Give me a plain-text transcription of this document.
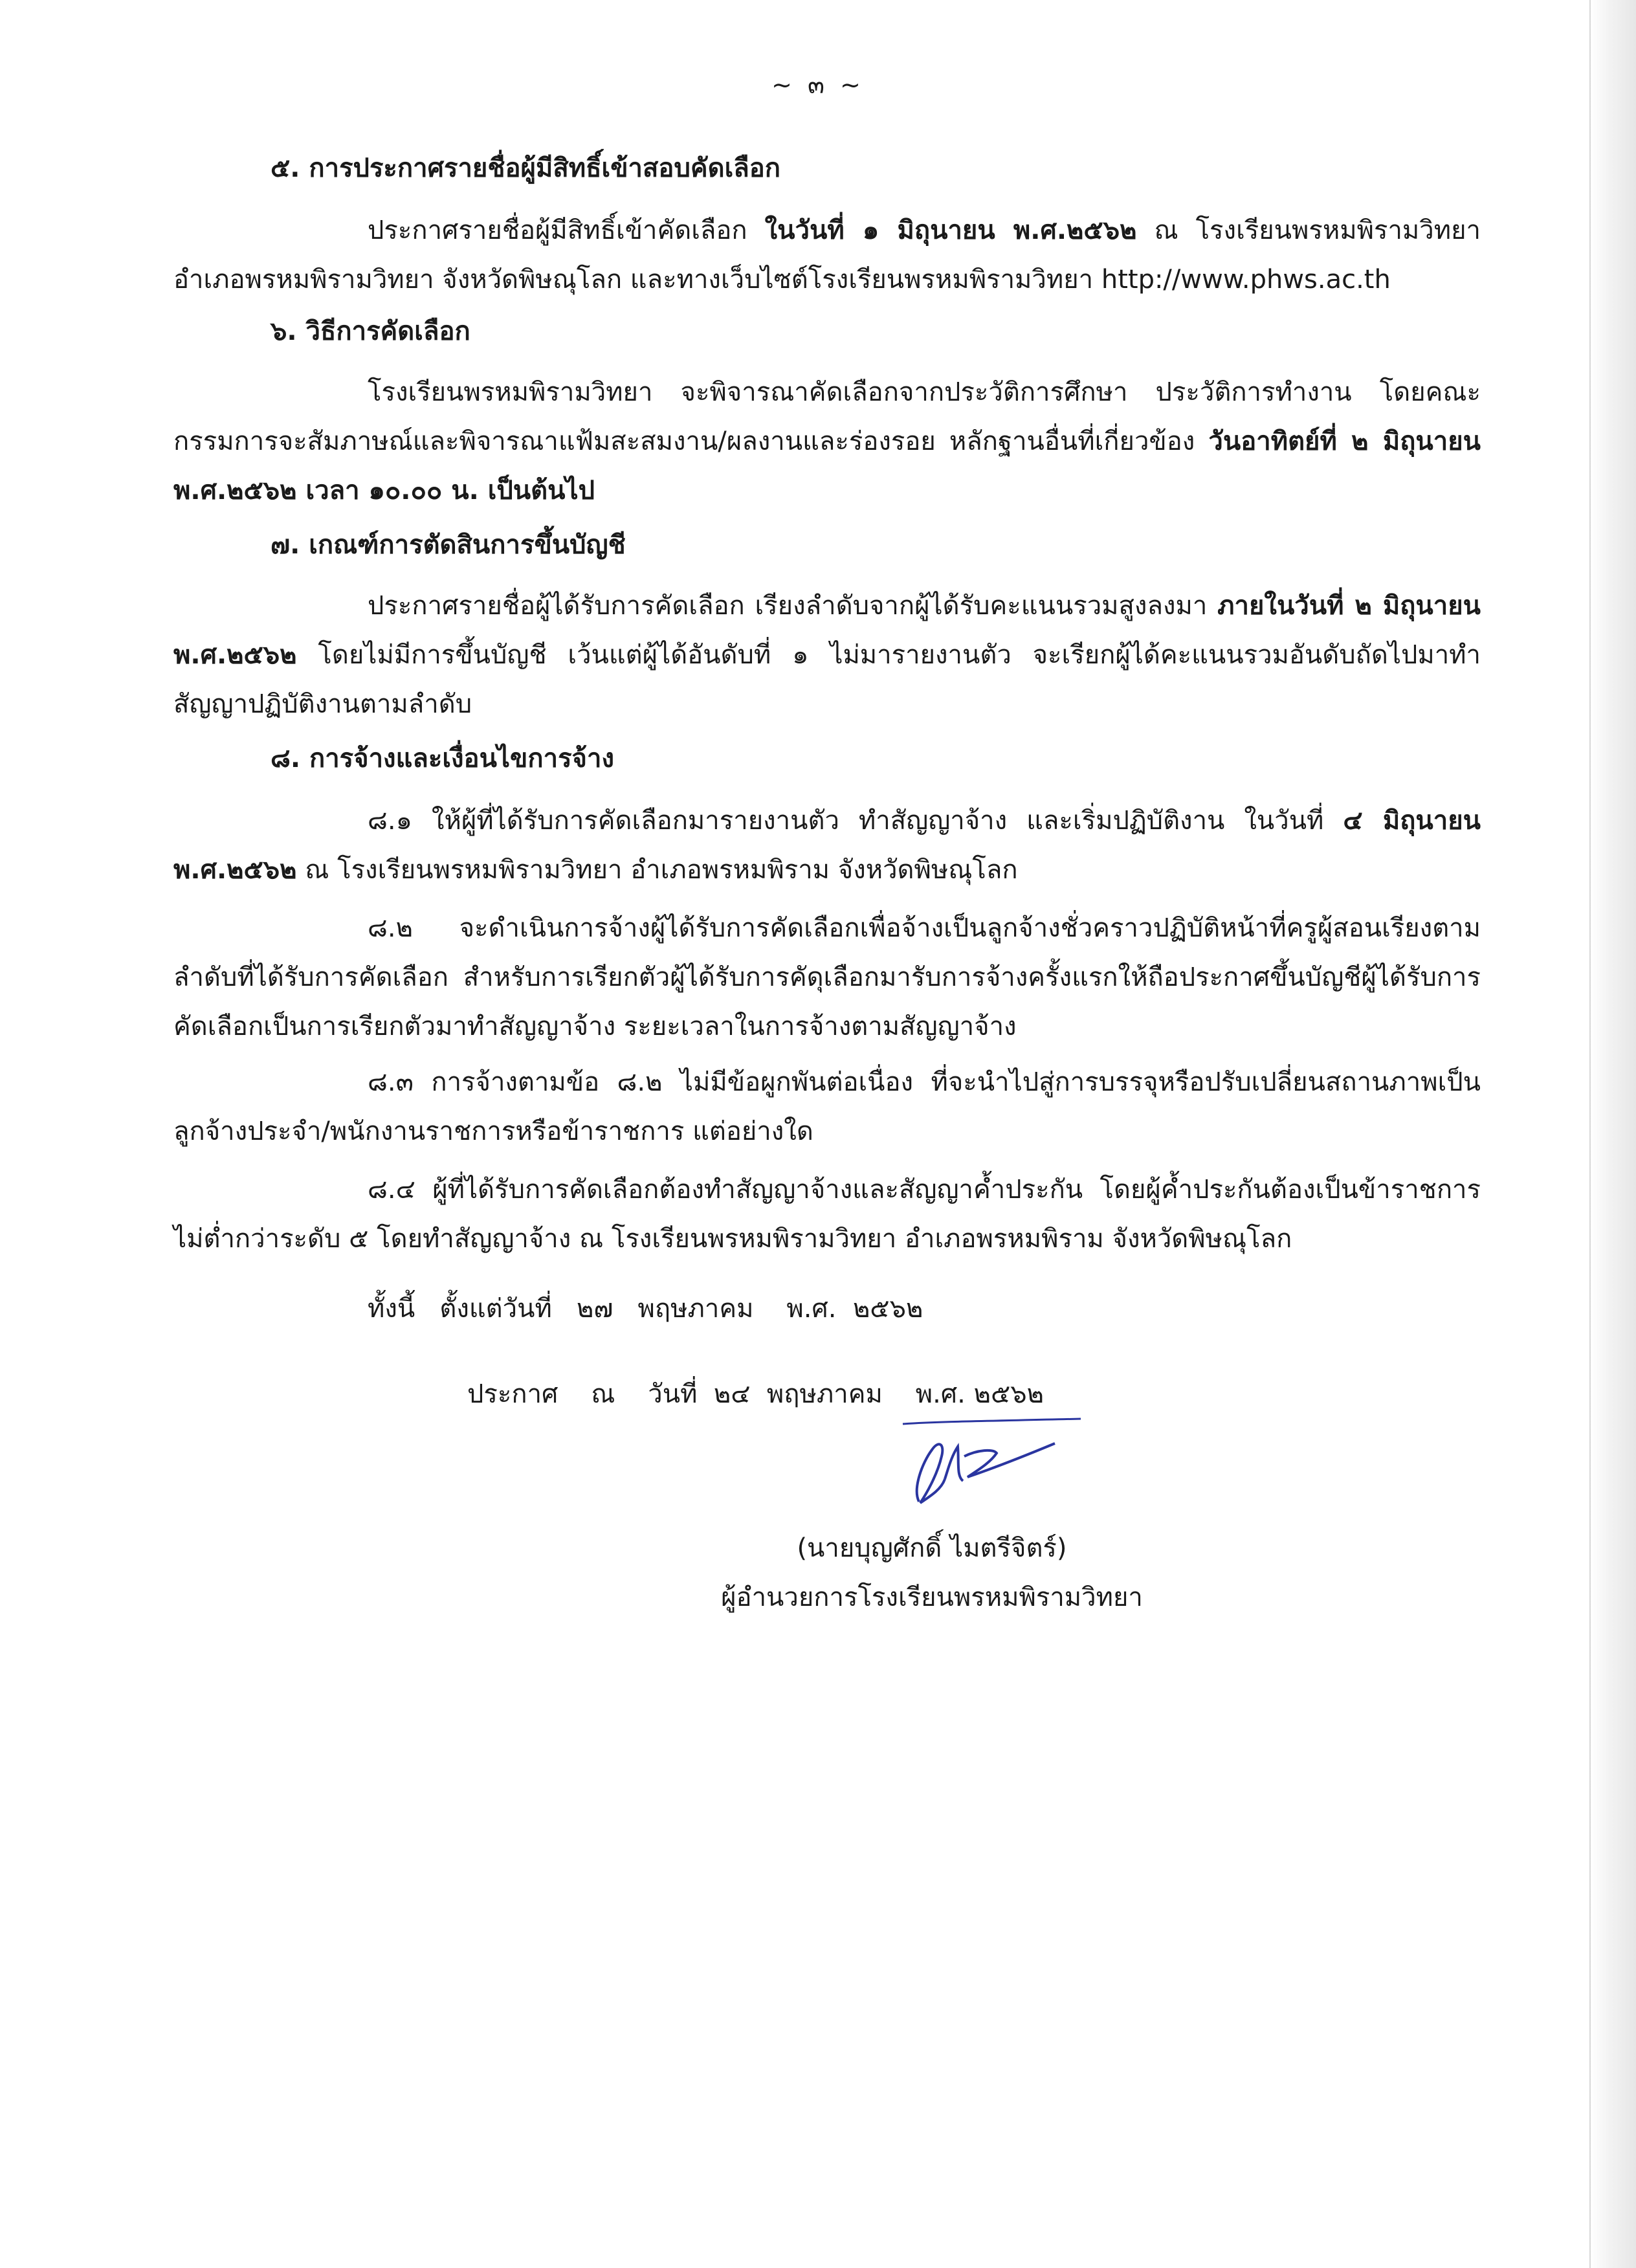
~ ๓ ~
๕. การประกาศรายชื่อผู้มีสิทธิ์เข้าสอบคัดเลือก

ประกาศรายชื่อผู้มีสิทธิ์เข้าคัดเลือก ในวันที่ ๑ มิถุนายน พ.ศ.๒๕๖๒ ณ โรงเรียนพรหมพิรามวิทยา อำเภอพรหมพิรามวิทยา จังหวัดพิษณุโลก และทางเว็บไซต์โรงเรียนพรหมพิรามวิทยา http://www.phws.ac.th

๖. วิธีการคัดเลือก

โรงเรียนพรหมพิรามวิทยา จะพิจารณาคัดเลือกจากประวัติการศึกษา ประวัติการทำงาน โดยคณะกรรมการจะสัมภาษณ์และพิจารณาแฟ้มสะสมงาน/ผลงานและร่องรอย หลักฐานอื่นที่เกี่ยวข้อง วันอาทิตย์ที่ ๒ มิถุนายน พ.ศ.๒๕๖๒ เวลา ๑๐.๐๐ น. เป็นต้นไป

๗. เกณฑ์การตัดสินการขึ้นบัญชี

ประกาศรายชื่อผู้ได้รับการคัดเลือก เรียงลำดับจากผู้ได้รับคะแนนรวมสูงลงมา ภายในวันที่ ๒ มิถุนายน พ.ศ.๒๕๖๒ โดยไม่มีการขึ้นบัญชี เว้นแต่ผู้ได้อันดับที่ ๑ ไม่มารายงานตัว จะเรียกผู้ได้คะแนนรวมอันดับถัดไปมาทำสัญญาปฏิบัติงานตามลำดับ

๘. การจ้างและเงื่อนไขการจ้าง

๘.๑ ให้ผู้ที่ได้รับการคัดเลือกมารายงานตัว ทำสัญญาจ้าง และเริ่มปฏิบัติงาน ในวันที่ ๔ มิถุนายน พ.ศ.๒๕๖๒ ณ โรงเรียนพรหมพิรามวิทยา อำเภอพรหมพิราม จังหวัดพิษณุโลก

๘.๒ จะดำเนินการจ้างผู้ได้รับการคัดเลือกเพื่อจ้างเป็นลูกจ้างชั่วคราวปฏิบัติหน้าที่ครูผู้สอนเรียงตามลำดับที่ได้รับการคัดเลือก สำหรับการเรียกตัวผู้ได้รับการคัดุเลือกมารับการจ้างครั้งแรกให้ถือประกาศขึ้นบัญชีผู้ได้รับการคัดเลือกเป็นการเรียกตัวมาทำสัญญาจ้าง ระยะเวลาในการจ้างตามสัญญาจ้าง

๘.๓ การจ้างตามข้อ ๘.๒ ไม่มีข้อผูกพันต่อเนื่อง ที่จะนำไปสู่การบรรจุหรือปรับเปลี่ยนสถานภาพเป็นลูกจ้างประจำ/พนักงานราชการหรือข้าราชการ แต่อย่างใด

๘.๔ ผู้ที่ได้รับการคัดเลือกต้องทำสัญญาจ้างและสัญญาค้ำประกัน โดยผู้ค้ำประกันต้องเป็นข้าราชการไม่ต่ำกว่าระดับ ๕ โดยทำสัญญาจ้าง ณ โรงเรียนพรหมพิรามวิทยา อำเภอพรหมพิราม จังหวัดพิษณุโลก

ทั้งนี้   ตั้งแต่วันที่   ๒๗   พฤษภาคม    พ.ศ.  ๒๕๖๒
ประกาศ    ณ    วันที่  ๒๔  พฤษภาคม    พ.ศ. ๒๕๖๒
(นายบุญศักดิ์ ไมตรีจิตร์)
ผู้อำนวยการโรงเรียนพรหมพิรามวิทยา
